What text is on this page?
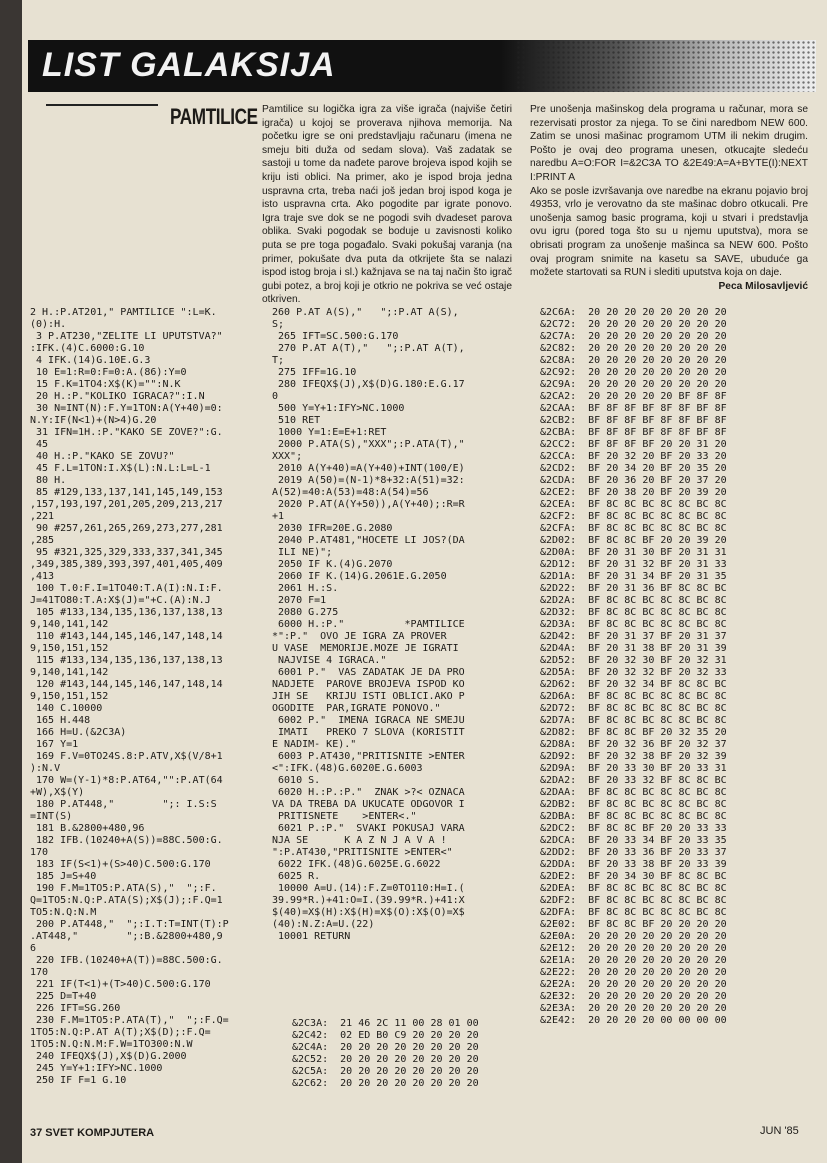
LIST GALAKSIJA
PAMTILICE Pamtilice su logička igra za više igrača (najviše četiri igrača) u kojoj se proverava njihova memorija. Na početku igre se oni predstavljaju računaru (imena ne smeju biti duža od sedam slova). Vaš zadatak se sastoji u tome da nađete parove brojeva ispod kojih se kriju isti oblici. Na primer, ako je ispod broja jedna uspravna crta, treba naći još jedan broj ispod koga je isto uspravna crta. Ako pogodite par igrate ponovo. Igra traje sve dok se ne pogodi svih dvadeset parova oblika. Svaki pogodak se boduje u zavisnosti koliko puta se pre toga pogađalo. Svaki pokušaj varanja (na primer, pokušate dva puta da otkrijete šta se nalazi ispod istog broja i sl.) kažnjava se na taj način što igrač gubi potez, a broj koji je otkrio ne pokriva se već ostaje otkriven.
Pre unošenja mašinskog dela programa u računar, mora se rezervisati prostor za njega. To se čini naredbom NEW 600. Zatim se unosi mašinac programom UTM ili nekim drugim. Pošto je ovaj deo programa unesen, otkucajte sledeću naredbu A=O:FOR I=&2C3A TO &2E49:A=A+BYTE(I):NEXT I:PRINT A
Ako se posle izvršavanja ove naredbe na ekranu pojavio broj 49353, vrlo je verovatno da ste mašinac dobro otkucali. Pre unošenja samog basic programa, koji u stvari i predstavlja ovu igru (pored toga što su u njemu uputstva), mora se obrisati program za unošenje mašinca sa NEW 600. Pošto ovaj program snimite na kasetu sa SAVE, ubuduće ga možete startovati sa RUN i slediti uputstva koja on daje.
Peca Milosavljević
2 H.:P.AT201," PAMTILICE ":L=K.
(0):H.
3 P.AT230,"ZELITE LI UPUTSTVA?"
:IFK.(4)C.6000:G.10
4 IFK.(14)G.10E.G.3
10 E=1:R=0:F=0:A.(86):Y=0
15 F.K=1TO4:X$(K)="":N.K
20 H.:P."KOLIKO IGRACA?":I.N
30 N=INT(N):F.Y=1TON:A(Y+40)=0:
N.Y:IF(N<1)+(N>4)G.20
31 IFN=1H.:P."KAKO SE ZOVE?":G.
45
40 H.:P."KAKO SE ZOVU?"
45 F.L=1TON:I.X$(L):N.L:L=L-1
80 H.
85 #129,133,137,141,145,149,153
,157,193,197,201,205,209,213,217
,221
90 #257,261,265,269,273,277,281
,285
95 #321,325,329,333,337,341,345
,349,385,389,393,397,401,405,409
,413
100 T.0:F.I=1TO40:T.A(I):N.I:F.
J=41TO80:T.A:X$(J)="+C.(A):N.J
105 #133,134,135,136,137,138,13
9,140,141,142
110 #143,144,145,146,147,148,14
9,150,151,152
115 #133,134,135,136,137,138,13
9,140,141,142
120 #143,144,145,146,147,148,14
9,150,151,152
140 C.10000
165 H.448
166 H=U.(&2C3A)
167 Y=1
169 F.V=0TO24S.8:P.ATV,X$(V/8+1
):N.V
170 W=(Y-1)*8:P.AT64,"":P.AT(64
+W),X$(Y)
180 P.AT448,"        ";: I.S:S
=INT(S)
181 B.&2800+480,96
182 IFB.(10240+A(S))=88C.500:G.
170
183 IF(S<1)+(S>40)C.500:G.170
185 J=S+40
190 F.M=1TO5:P.ATA(S),"  ";:F.
Q=1TO5:N.Q:P.ATA(S);X$(J);:F.Q=1
TO5:N.Q:N.M
200 P.AT448,"  ";:I.T:T=INT(T):P
.AT448,"        ";:B.&2800+480,9
6
220 IFB.(10240+A(T))=88C.500:G.
170
221 IF(T<1)+(T>40)C.500:G.170
225 D=T+40
226 IFT=SG.260
230 F.M=1TO5:P.ATA(T),"  ";:F.Q=
1TO5:N.Q:P.AT A(T);X$(D);:F.Q=
1TO5:N.Q:N.M:F.W=1TO300:N.W
240 IFEQX$(J),X$(D)G.2000
245 Y=Y+1:IFY>NC.1000
250 IF F=1 G.10
260 P.AT A(S),"   ";:P.AT A(S),
S;
265 IFT=SC.500:G.170
270 P.AT A(T),"   ";:P.AT A(T),
T;
275 IFF=1G.10
280 IFEQX$(J),X$(D)G.180:E.G.17
0
500 Y=Y+1:IFY>NC.1000
510 RET
1000 Y=1:E=E+1:RET
2000 P.ATA(S),"XXX";:P.ATA(T),"
XXX";
2010 A(Y+40)=A(Y+40)+INT(100/E)
2019 A(50)=(N-1)*8+32:A(51)=32:
A(52)=40:A(53)=48:A(54)=56
2020 P.AT(A(Y+50)),A(Y+40);:R=R
+1
2030 IFR=20E.G.2080
2040 P.AT481,"HOCETE LI JOS?(DA
ILI NE)";
2050 IF K.(4)G.2070
2060 IF K.(14)G.2061E.G.2050
2061 H.:S.
2070 F=1
2080 G.275
6000 H.:P."          *PAMTILICE
*":P."  OVO JE IGRA ZA PROVER
U VASE  MEMORIJE.MOZE JE IGRATI
NAJVISE 4 IGRACA."
6001 P."  VAS ZADATAK JE DA PRO
NADJETE  PAROVE BROJEVA ISPOD KO
JIH SE   KRIJU ISTI OBLICI.AKO P
OGODITE  PAR,IGRATE PONOVO."
6002 P."  IMENA IGRACA NE SMEJU
IMATI   PREKO 7 SLOVA (KORISTIT
E NADIM- KE)."
6003 P.AT430,"PRITISNITE >ENTER
<":IFK.(48)G.6020E.G.6003
6010 S.
6020 H.:P.:P."  ZNAK >?< OZNACA
VA DA TREBA DA UKUCATE ODGOVOR I
PRITISNETE    >ENTER<."
6021 P.:P."  SVAKI POKUSAJ VARA
NJA SE      K A Z N J A V A !
":P.AT430,"PRITISNITE >ENTER<"
6022 IFK.(48)G.6025E.G.6022
6025 R.
10000 A=U.(14):F.Z=0TO110:H=I.(
39.99*R.)+41:O=I.(39.99*R.)+41:X
$(40)=X$(H):X$(H)=X$(O):X$(O)=X$
(40):N.Z:A=U.(22)
10001 RETURN
&2C6A:  20 20 20 20 20 20 20 20
&2C72:  20 20 20 20 20 20 20 20
&2C7A:  20 20 20 20 20 20 20 20
&2C82:  20 20 20 20 20 20 20 20
&2C8A:  20 20 20 20 20 20 20 20
&2C92:  20 20 20 20 20 20 20 20
&2C9A:  20 20 20 20 20 20 20 20
&2CA2:  20 20 20 20 20 BF 8F 8F
&2CAA:  BF 8F 8F BF 8F 8F BF 8F
&2CB2:  BF 8F 8F BF 8F 8F BF 8F
&2CBA:  BF 8F 8F BF 8F 8F BF 8F
&2CC2:  BF 8F 8F BF 20 20 31 20
&2CCA:  BF 20 32 20 BF 20 33 20
&2CD2:  BF 20 34 20 BF 20 35 20
&2CDA:  BF 20 36 20 BF 20 37 20
&2CE2:  BF 20 38 20 BF 20 39 20
&2CEA:  BF 8C 8C BC 8C 8C BC 8C
&2CF2:  BF 8C 8C BC 8C 8C BC 8C
&2CFA:  BF 8C 8C BC 8C 8C BC 8C
&2D02:  BF 8C 8C BF 20 20 39 20
&2D0A:  BF 20 31 30 BF 20 31 31
&2D12:  BF 20 31 32 BF 20 31 33
&2D1A:  BF 20 31 34 BF 20 31 35
&2D22:  BF 20 31 36 BF 8C 8C BC
&2D2A:  BF 8C 8C BC 8C 8C BC 8C
&2D32:  BF 8C 8C BC 8C 8C BC 8C
&2D3A:  BF 8C 8C BC 8C 8C BC 8C
&2D42:  BF 20 31 37 BF 20 31 37
&2D4A:  BF 20 31 38 BF 20 31 39
&2D52:  BF 20 32 30 BF 20 32 31
&2D5A:  BF 20 32 32 BF 20 32 33
&2D62:  BF 20 32 34 BF 8C 8C BC
&2D6A:  BF 8C 8C BC 8C 8C BC 8C
&2D72:  BF 8C 8C BC 8C 8C BC 8C
&2D7A:  BF 8C 8C BC 8C 8C BC 8C
&2D82:  BF 8C 8C BF 20 32 35 20
&2D8A:  BF 20 32 36 BF 20 32 37
&2D92:  BF 20 32 38 BF 20 32 39
&2D9A:  BF 20 33 30 BF 20 33 31
&2DA2:  BF 20 33 32 BF 8C 8C BC
&2DAA:  BF 8C 8C BC 8C 8C BC 8C
&2DB2:  BF 8C 8C BC 8C 8C BC 8C
&2DBA:  BF 8C 8C BC 8C 8C BC 8C
&2DC2:  BF 8C 8C BF 20 20 33 33
&2DCA:  BF 20 33 34 BF 20 33 35
&2DD2:  BF 20 33 36 BF 20 33 37
&2DDA:  BF 20 33 38 BF 20 33 39
&2DE2:  BF 20 34 30 BF 8C 8C BC
&2DEA:  BF 8C 8C BC 8C 8C BC 8C
&2DF2:  BF 8C 8C BC 8C 8C BC 8C
&2DFA:  BF 8C 8C BC 8C 8C BC 8C
&2E02:  BF 8C 8C BF 20 20 20 20
&2E0A:  20 20 20 20 20 20 20 20
&2E12:  20 20 20 20 20 20 20 20
&2E1A:  20 20 20 20 20 20 20 20
&2E22:  20 20 20 20 20 20 20 20
&2E2A:  20 20 20 20 20 20 20 20
&2E32:  20 20 20 20 20 20 20 20
&2E3A:  20 20 20 20 20 20 20 20
&2E42:  20 20 20 20 00 00 00 00
&2C3A:  21 46 2C 11 00 28 01 00
&2C42:  02 ED B0 C9 20 20 20 20
&2C4A:  20 20 20 20 20 20 20 20
&2C52:  20 20 20 20 20 20 20 20
&2C5A:  20 20 20 20 20 20 20 20
&2C62:  20 20 20 20 20 20 20 20
37 SVET KOMPJUTERA	JUN '85
